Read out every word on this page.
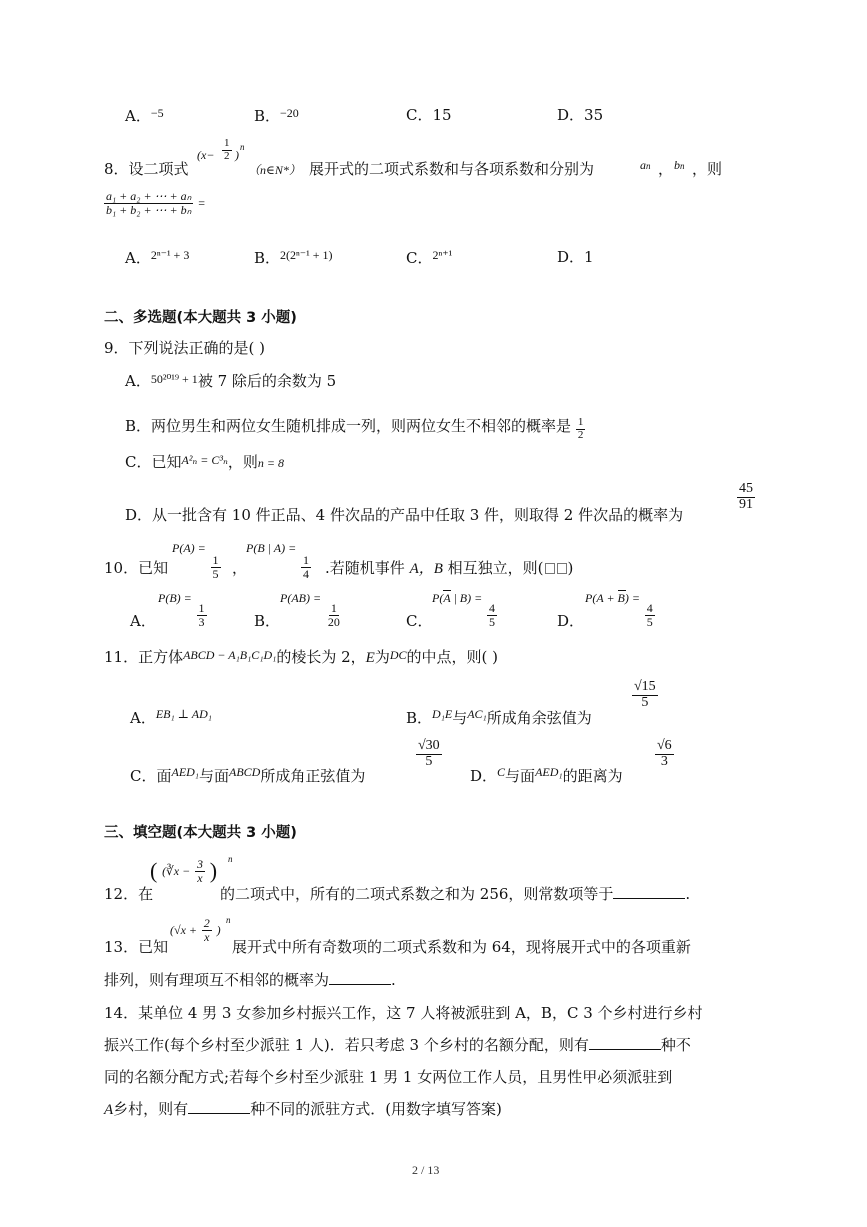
A．$^{-5}$	B．$^{-20}$	C．15	D．35
8．设二项式
($x- \frac{1}{2}$ )
n
（n∈N*） 展开式的二项式系数和与各项系数和分别为	an ， bn ，则
$\frac{\text{a₁ + a₂ + ⋯ + aₙ}}{\text{b₁ + b₂ + ⋯ + bₙ}}$ =
A．$^{2^{n-1} + 3}$	B．$^{2(2^{n-1} + 1)}$	C．$^{2^{n+1}}$	D．1
二、多选题(本大题共 3 小题)
9．下列说法正确的是( )
A．$^{50^{2019} + 1}$被 7 除后的余数为 5
B．两位男生和两位女生随机排成一列，则两位女生不相邻的概率是 $\frac{1}{2}$
C．已知$^{A^2_n = C^3_n}$，则n = 8
D．从一批含有 10 件正品、4 件次品的产品中任取 3 件，则取得 2 件次品的概率为
$\frac{45}{91}$
10．已知
P(A) =
$\frac{1}{5}$ ，
P(B | A) =
$\frac{1}{4}$ .若随机事件 A，B 相互独立，则( )
A．
P(B) =
$\frac{1}{3}$	B．
P(AB) =
$\frac{1}{20}$	C．
P(A | B) =

$\frac{4}{5}$	D．
P(A + B) =

$\frac{4}{5}$
11．正方体$^{ABCD - A_1B_1C_1D_1}$的棱长为 2，E为$^{DC}$的中点，则( )
A．$^{EB_1 \perp AD_1}$	B．$^{D_1E}$与$^{AC_1}$所成角余弦值为
$\frac{√15}{5}$
C．面$^{AED_1}$与面$^{ABCD}$所成角正弦值为
$\frac{√30}{5}$
D．$^C$与面$^{AED_1}$的距离为
$\frac{√6}{3}$
三、填空题(本大题共 3 小题)
12．在
( (∛x − $\frac{3}{x}$ ) n
的二项式中，所有的二项式系数之和为 256，则常数项等于	.
13．已知
($√x + \frac{2}{x}$ )
n
展开式中所有奇数项的二项式系数和为 64，现将展开式中的各项重新
排列，则有理项互不相邻的概率为	.
14．某单位 4 男 3 女参加乡村振兴工作，这 7 人将被派驻到 A，B，C 3 个乡村进行乡村
振兴工作(每个乡村至少派驻 1 人)．若只考虑 3 个乡村的名额分配，则有	种不
同的名额分配方式;若每个乡村至少派驻 1 男 1 女两位工作人员，且男性甲必须派驻到
A乡村，则有	种不同的派驻方式．(用数字填写答案)
2 / 13
